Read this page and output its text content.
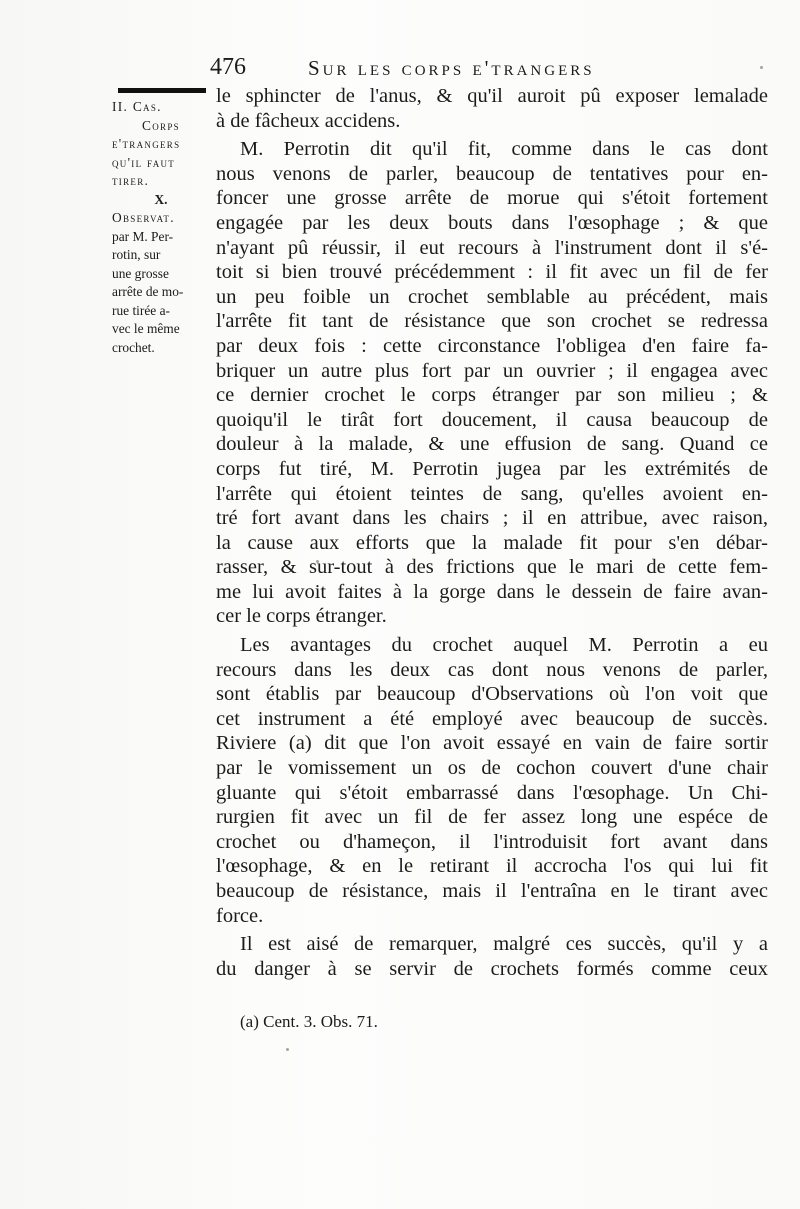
476	Sur les corps e'trangers
II. Cas.
Corps
e'trangers
qu'il faut
tirer.
X.
Observat.
par M. Per-
rotin, sur
une grosse
arrête de mo-
rue tirée a-
vec le même
crochet.
le sphincter de l'anus, & qu'il auroit pû exposer lemalade
à de fâcheux accidens.
M. Perrotin dit qu'il fit, comme dans le cas dont
nous venons de parler, beaucoup de tentatives pour en-
foncer une grosse arrête de morue qui s'étoit fortement
engagée par les deux bouts dans l'œsophage ; & que
n'ayant pû réussir, il eut recours à l'instrument dont il s'é-
toit si bien trouvé précédemment : il fit avec un fil de fer
un peu foible un crochet semblable au précédent, mais
l'arrête fit tant de résistance que son crochet se redressa
par deux fois : cette circonstance l'obligea d'en faire fa-
briquer un autre plus fort par un ouvrier ; il engagea avec
ce dernier crochet le corps étranger par son milieu ; &
quoiqu'il le tirât fort doucement, il causa beaucoup de
douleur à la malade, & une effusion de sang. Quand ce
corps fut tiré, M. Perrotin jugea par les extrémités de
l'arrête qui étoient teintes de sang, qu'elles avoient en-
tré fort avant dans les chairs ; il en attribue, avec raison,
la cause aux efforts que la malade fit pour s'en débar-
rasser, & sur-tout à des frictions que le mari de cette fem-
me lui avoit faites à la gorge dans le dessein de faire avan-
cer le corps étranger.
Les avantages du crochet auquel M. Perrotin a eu
recours dans les deux cas dont nous venons de parler,
sont établis par beaucoup d'Observations où l'on voit que
cet instrument a été employé avec beaucoup de succès.
Riviere (a) dit que l'on avoit essayé en vain de faire sortir
par le vomissement un os de cochon couvert d'une chair
gluante qui s'étoit embarrassé dans l'œsophage. Un Chi-
rurgien fit avec un fil de fer assez long une espéce de
crochet ou d'hameçon, il l'introduisit fort avant dans
l'œsophage, & en le retirant il accrocha l'os qui lui fit
beaucoup de résistance, mais il l'entraîna en le tirant avec
force.
Il est aisé de remarquer, malgré ces succès, qu'il y a
du danger à se servir de crochets formés comme ceux
(a) Cent. 3. Obs. 71.
